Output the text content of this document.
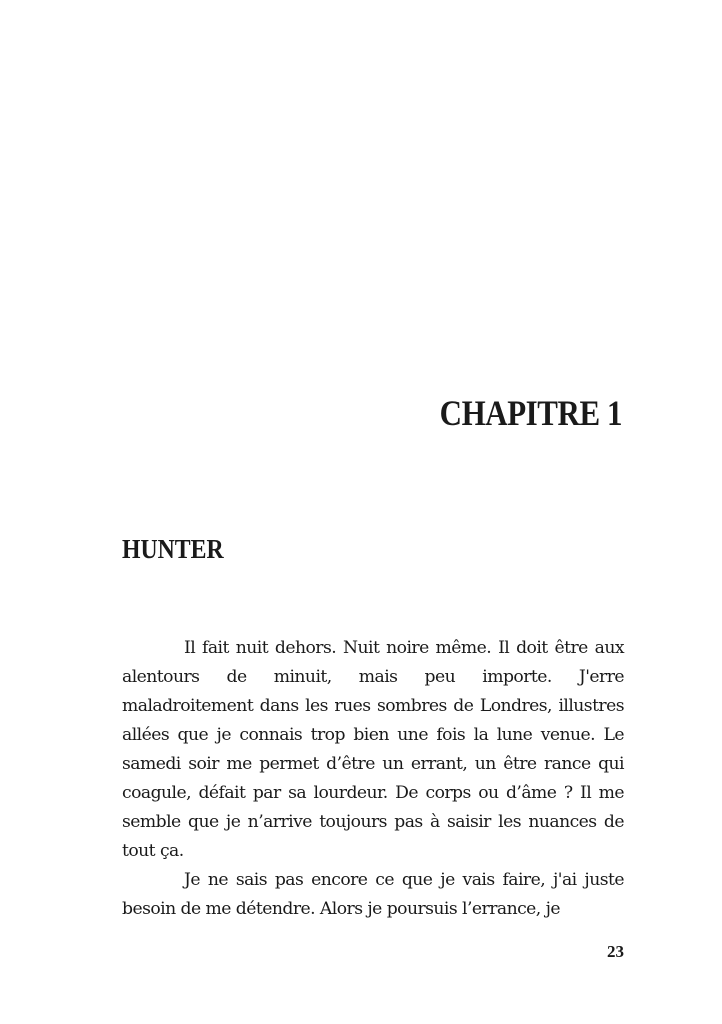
CHAPITRE 1
HUNTER

Il fait nuit dehors. Nuit noire même. Il doit être aux alentours de minuit, mais peu importe. J'erre maladroitement dans les rues sombres de Londres, illustres allées que je connais trop bien une fois la lune venue. Le samedi soir me permet d’être un errant, un être rance qui coagule, défait par sa lourdeur. De corps ou d’âme ? Il me semble que je n’arrive toujours pas à saisir les nuances de tout ça.

Je ne sais pas encore ce que je vais faire, j'ai juste besoin de me détendre. Alors je poursuis l’errance, je

23
